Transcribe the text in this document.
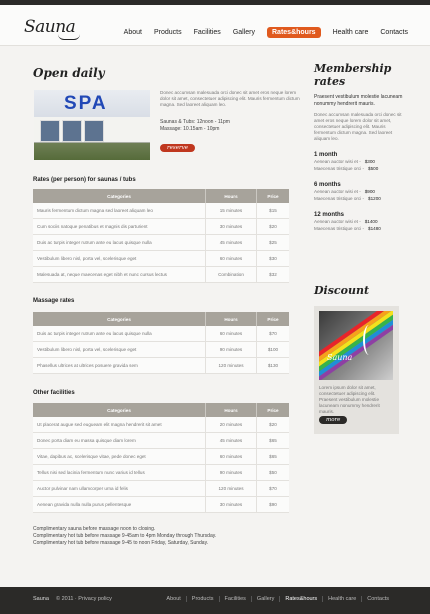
Sauna	About Products Facilities Gallery	Rates&hours	Health care Contacts
Open daily
SPA
Donec accumsan malesuada orci donec sit amet eros neque lorem dolor sit amet, consectetuer adipiscing elit. Mauris fermentum dictum magna. Sed laoreet aliquam leo.
Saunas & Tubs: 12noon - 11pm
Massage: 10.15am - 10pm
reserve
Rates (per person) for saunas / tubs
Categories	Hours	Price
Mauris fermentum dictum magna sed laoreet aliquam leo	15 minutes	$15
Cum sociis natoque penatibus et magnis dis parturient	30 minutes	$20
Duis ac turpis integer rutrum ante eu lacus quisque nulla	45 minutes	$25
Vestibulum libero nisl, porta vel, scelerisque eget	60 minutes	$30
Malesuada at, neque maecenas eget nibh et nunc cursus lectus	Combination	$32
Massage rates
Categories	Hours	Price
Duis ac turpis integer rutrum ante eu lacus quisque nulla	60 minutes	$70
Vestibulum libero nisl, porta vel, scelerisque eget	90 minutes	$100
Phasellus ultrices at ultrices posuere gravida sem	120 minutes	$130
Other facilities
Categories	Hours	Price
Ut placerat augue sed eugueam elit magna hendrerit sit amet	20 minutes	$20
Donec porta diam eu massa quisque diam lorem	45 minutes	$65
Vitae, dapibus ac, scelerisque vitae, pede donec eget	60 minutes	$65
Tellus nisi sed lacinia fermentum nunc varius id tellus	90 minutes	$50
Auctor pulvinar nam ullamcorper urna id felis	120 minutes	$70
Aenean gravida nulla nulla purus pellentesque	30 minutes	$90
Complimentary sauna before massage noon to closing.
Complimentary hot tub before massage 9-45am to 4pm Monday through Thursday.
Complimentary hot tub before massage 9-45 to noon Friday, Saturday, Sunday.
Membership rates
Praesent vestibulum molestie lacuneam nonummy hendrerit mauris.
Donec accumsan malesuada orci donec sit amet eros neque lorem dolor sit amet, consectetuer adipiscing elit. Mauris fermentum dictum magna. Sed laoreet aliquam leo.
1 month
Aenean auctor wisi et - $300
Maecenas tristique orci - $500
6 months
Aenean auctor wisi et - $900
Maecenas tristique orci - $1200
12 months
Aenean auctor wisi et - $1400
Maecenas tristique orci - $1480
Discount
Sauna
Lorem ipsum dolor sit amet, consectetuer adipiscing elit. Praesent vestibulum molestie lacuneam nonummy hendrerit mauris.
more
Sauna © 2011 · Privacy policy	About	Products	Facilities	Gallery	Rates&hours	Health care	Contacts
